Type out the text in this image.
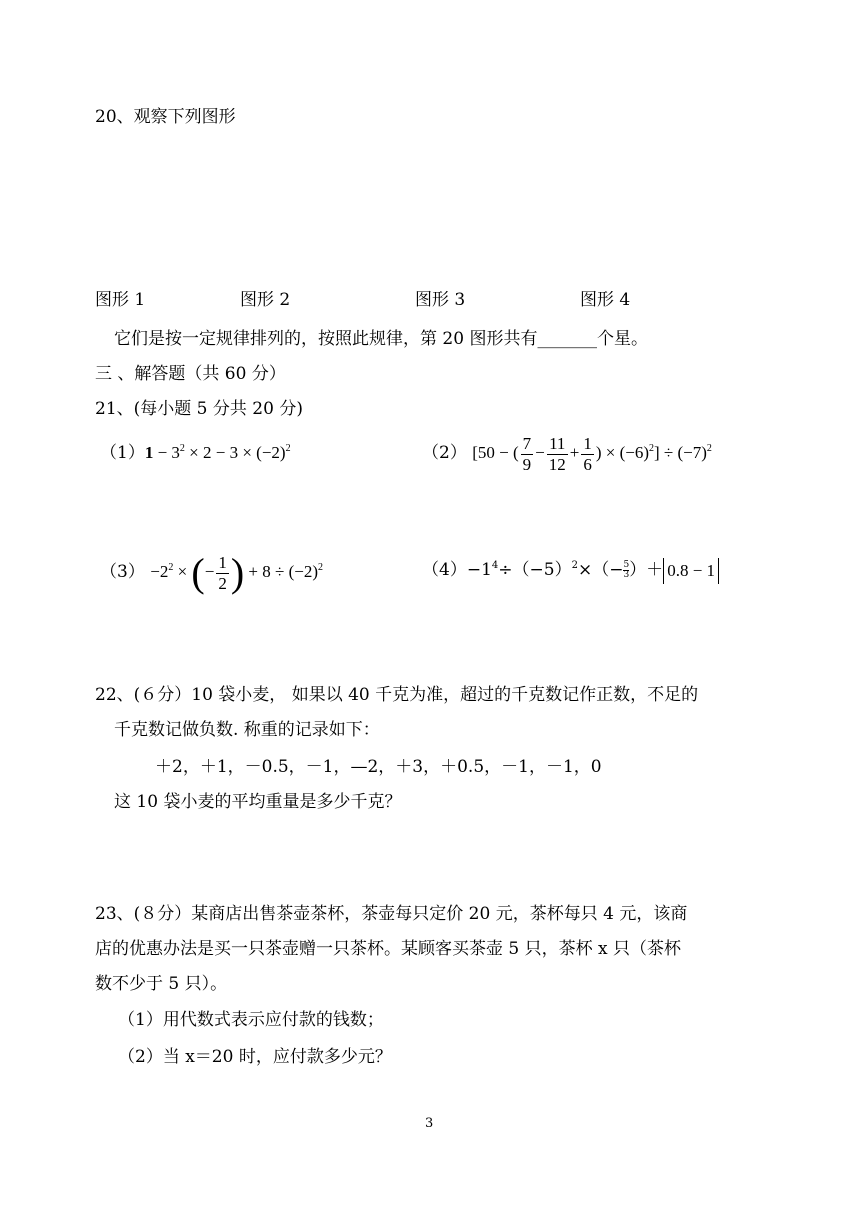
20、观察下列图形
图形 1	图形 2	图形 3	图形 4
它们是按一定规律排列的，按照此规律，第 20 图形共有_______个星。
三 、解答题（共 60 分）
21、(每小题 5 分共 20 分)
$(1)1 - 3^2 \times 2 - 3 \times (-2)^2$	（2） [50 − ( $\frac{7}{9} - \frac{11}{12} + \frac{1}{6}$ ) × $(-6)^2] \div (-7)^2$
$(3) -2^2$ × (− $\frac{1}{2}$ ) + $8 \div (-2)^2$	$(4)-1^4\div(-5)^2\times(- \frac{5}{3})+ 0.8 - 1$
22、(６分）10 袋小麦， 如果以 40 千克为准，超过的千克数记作正数，不足的
千克数记做负数. 称重的记录如下：
＋2，＋1，－0.5，－1，—2，＋3，＋0.5，－1，－1，0
这 10 袋小麦的平均重量是多少千克？
23、(８分）某商店出售茶壶茶杯，茶壶每只定价 20 元，茶杯每只 4 元，该商
店的优惠办法是买一只茶壶赠一只茶杯。某顾客买茶壶 5 只，茶杯 x 只（茶杯
数不少于 5 只）。
（1）用代数式表示应付款的钱数；
（2）当 x＝20 时，应付款多少元？
3
